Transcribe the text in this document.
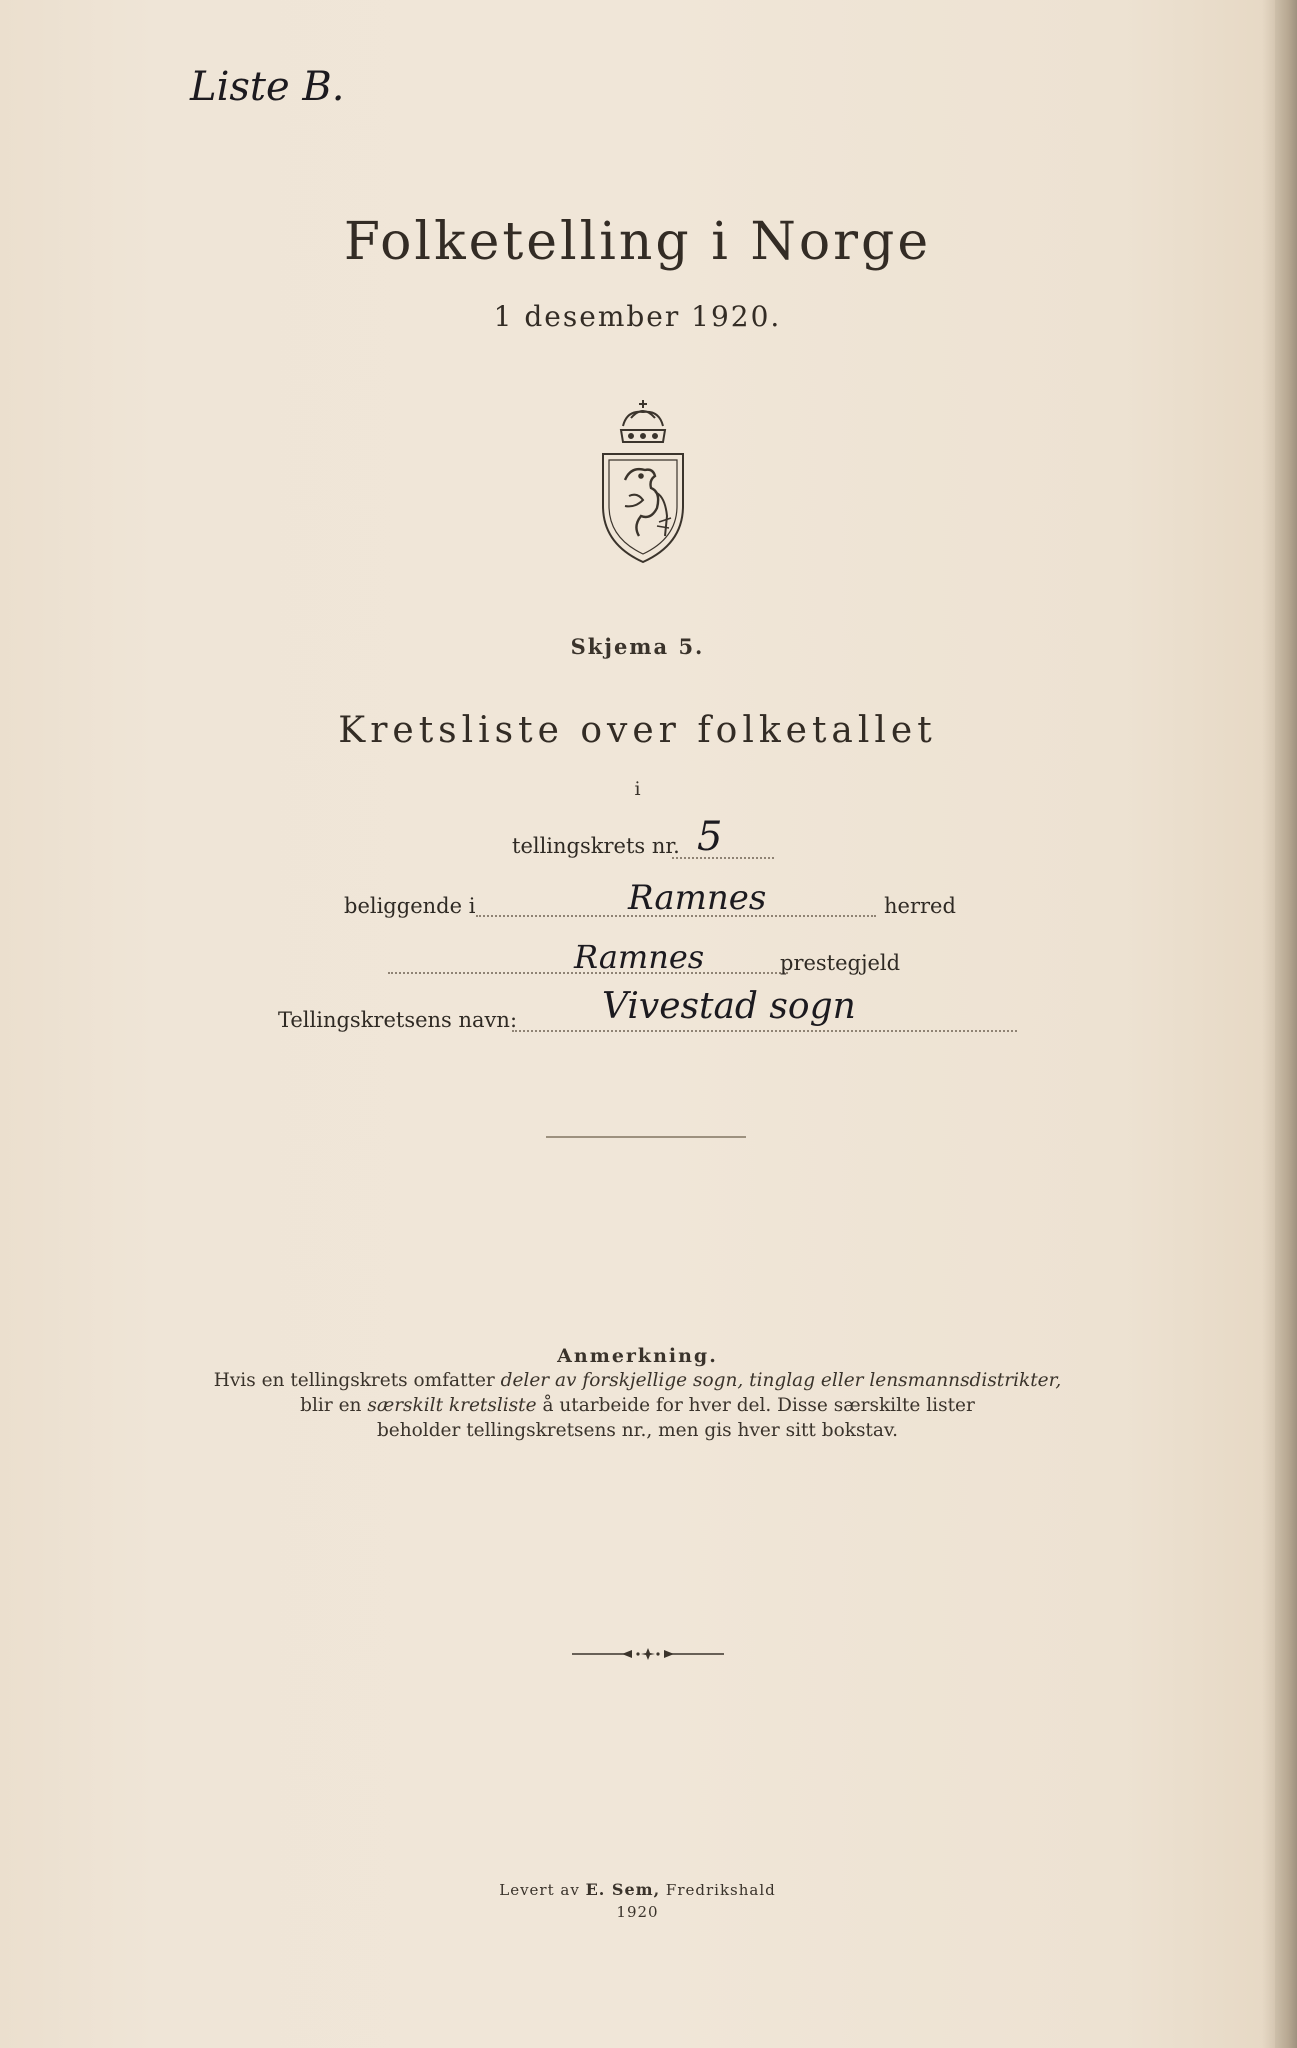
Liste B.
Folketelling i Norge
1 desember 1920.
Skjema 5.
Kretsliste over folketallet
i
tellingskrets nr. 5
beliggende i	Ramnes	herred
Ramnes	prestegjeld
Tellingskretsens navn: Vivestad sogn
Anmerkning.
Hvis en tellingskrets omfatter deler av forskjellige sogn, tinglag eller lensmannsdistrikter,
blir en særskilt kretsliste å utarbeide for hver del. Disse særskilte lister
beholder tellingskretsens nr., men gis hver sitt bokstav.
Levert av E. Sem, Fredrikshald
1920
